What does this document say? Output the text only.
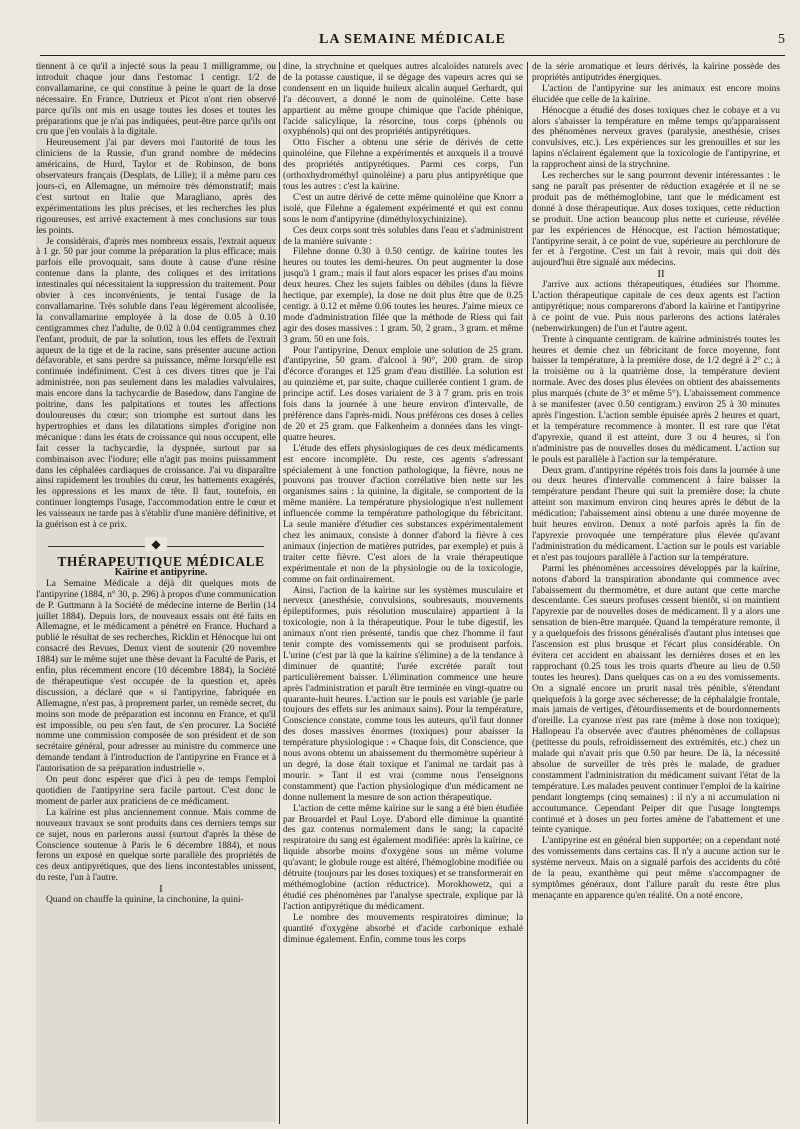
LA SEMAINE MÉDICALE	5

tiennent à ce qu'il a injecté sous la peau 1 milligramme, ou introduit chaque jour dans l'estomac 1 centigr. 1/2 de convallamarine, ce qui constitue à peine le quart de la dose nécessaire. En France, Dutrieux et Picot n'ont rien observé parce qu'ils ont mis en usage toutes les doses et toutes les préparations que je n'ai pas indiquées, peut-être parce qu'ils ont cru que j'en voulais à la digitale.

Heureusement j'ai par devers moi l'autorité de tous les cliniciens de la Russie, d'un grand nombre de médecins américains, de Hurd, Taylor et de Robinson, de bons observateurs français (Desplats, de Lille); il a même paru ces jours-ci, en Allemagne, un mémoire très démonstratif; mais c'est surtout en Italie que Maragliano, après des expérimentations les plus précises, et les recherches les plus rigoureuses, est arrivé exactement à mes conclusions sur tous les points.

Je considérais, d'après mes nombreux essais, l'extrait aqueux à 1 gr. 50 par jour comme la préparation la plus efficace; mais parfois elle provoquait, sans doute à cause d'une résine contenue dans la plante, des coliques et des irritations intestinales qui nécessitaient la suppression du traitement. Pour obvier à ces inconvénients, je tentai l'usage de la convallamarine. Très soluble dans l'eau légèrement alcoolisée, la convallamarine employée à la dose de 0.05 à 0.10 centigrammes chez l'adulte, de 0.02 à 0.04 centigrammes chez l'enfant, produit, de par la solution, tous les effets de l'extrait aqueux de la tige et de la racine, sans présenter aucune action défavorable, et sans perdre sa puissance, même lorsqu'elle est continuée indéfiniment. C'est à ces divers titres que je l'ai administrée, non pas seulement dans les maladies valvulaires, mais encore dans la tachycardie de Basedow, dans l'angine de poitrine, dans les palpitations et toutes les affections douloureuses du cœur; son triomphe est surtout dans les hypertrophies et dans les dilatations simples d'origine non mécanique : dans les états de croissance qui nous occupent, elle fait cesser la tachycardie, la dyspnée, surtout par sa combinaison avec l'iodure; elle n'agit pas moins puissamment dans les céphalées cardiaques de croissance. J'ai vu disparaître ainsi rapidement les troubles du cœur, les battements exagérés, les oppressions et les maux de tête. Il faut, toutefois, en continuer longtemps l'usage, l'accommodation entre le cœur et les vaisseaux ne tarde pas à s'établir d'une manière définitive, et la guérison est à ce prix.

◆

THÉRAPEUTIQUE MÉDICALE

Kaïrine et antipyrine.

La Semaine Médicale a déjà dit quelques mots de l'antipyrine (1884, n° 30, p. 296) à propos d'une communication de P. Guttmann à la Société de médecine interne de Berlin (14 juillet 1884). Depuis lors, de nouveaux essais ont été faits en Allemagne, et le médicament a pénétré en France. Huchard a publié le résultat de ses recherches, Ricklin et Hénocque lui ont consacré des Revues, Denux vient de soutenir (20 novembre 1884) sur le même sujet une thèse devant la Faculté de Paris, et enfin, plus récemment encore (10 décembre 1884), la Société de thérapeutique s'est occupée de la question et, après discussion, a déclaré que « si l'antipyrine, fabriquée en Allemagne, n'est pas, à proprement parler, un remède secret, du moins son mode de préparation est inconnu en France, et qu'il est impossible, ou peu s'en faut, de s'en procurer. La Société nomme une commission composée de son président et de son secrétaire général, pour adresser au ministre du commerce une demande tendant à l'introduction de l'antipyrine en France et à l'autorisation de sa préparation industrielle ».

On peut donc espérer que d'ici à peu de temps l'emploi quotidien de l'antipyrine sera facile partout. C'est donc le moment de parler aux praticiens de ce médicament.

La kaïrine est plus anciennement connue. Mais comme de nouveaux travaux se sont produits dans ces derniers temps sur ce sujet, nous en parlerons aussi (surtout d'après la thèse de Conscience soutenue à Paris le 6 décembre 1884), et nous ferons un exposé en quelque sorte parallèle des propriétés de ces deux antipyrétiques, que des liens incontestables unissent, du reste, l'un à l'autre.

I

Quand on chauffe la quinine, la cinchonine, la quini-

dine, la strychnine et quelques autres alcaloïdes naturels avec de la potasse caustique, il se dégage des vapeurs acres qui se condensent en un liquide huileux alcalin auquel Gerhardt, qui l'a découvert, a donné le nom de quinoléine. Cette base appartient au même groupe chimique que l'acide phénique, l'acide salicylique, la résorcine, tous corps (phénols ou oxyphénols) qui ont des propriétés antipyrétiques.

Otto Fischer a obtenu une série de dérivés de cette quinoléine, que Filehne a expérimentés et auxquels il a trouvé des propriétés antipyrétiques. Parmi ces corps, l'un (orthoxhydrométhyl quinoléine) a paru plus antipyrétique que tous les autres : c'est la kaïrine.

C'est un autre dérivé de cette même quinoléine que Knorr a isolé, que Filehne a également expérimenté et qui est connu sous le nom d'antipyrine (diméthyloxychinizine).

Ces deux corps sont très solubles dans l'eau et s'administrent de la manière suivante :

Filehne donne 0.30 à 0.50 centigr. de kaïrine toutes les heures ou toutes les demi-heures. On peut augmenter la dose jusqu'à 1 gram.; mais il faut alors espacer les prises d'au moins deux heures. Chez les sujets faibles ou débiles (dans la fièvre hectique, par exemple), la dose ne doit plus être que de 0.25 centigr. à 0.12 et même 0.06 toutes les heures. J'aime mieux ce mode d'administration filée que la méthode de Riess qui fait agir des doses massives : 1 gram. 50, 2 gram., 3 gram. et même 3 gram. 50 en une fois.

Pour l'antipyrine, Denux emploie une solution de 25 gram. d'antipyrine, 50 gram. d'alcool à 90°, 200 gram. de sirop d'écorce d'oranges et 125 gram d'eau distillée. La solution est au quinzième et, par suite, chaque cuillerée contient 1 gram. de principe actif. Les doses variaient de 3 à 7 gram. pris en trois fois dans la journée à une heure environ d'intervalle, de préférence dans l'après-midi. Nous préférons ces doses à celles de 20 et 25 gram. que Falkenheim a données dans les vingt-quatre heures.

L'étude des effets physiologiques de ces deux médicaments est encore incomplète. Du reste, ces agents s'adressant spécialement à une fonction pathologique, la fièvre, nous ne pouvons pas trouver d'action corrélative bien nette sur les organismes sains : la quinine, la digitale, se comportent de la même manière. La température physiologique n'est nullement influencée comme la température pathologique du fébricitant. La seule manière d'étudier ces substances expérimentalement chez les animaux, consiste à donner d'abord la fièvre à ces animaux (injection de matières putrides, par exemple) et puis à traiter cette fièvre. C'est alors de la vraie thérapeutique expérimentale et non de la physiologie ou de la toxicologie, comme on fait ordinairement.

Ainsi, l'action de la kaïrine sur les systèmes musculaire et nerveux (anesthésie, convulsions, soubresauts, mouvements épileptiformes, puis résolution musculaire) appartient à la toxicologie, non à la thérapeutique. Pour le tube digestif, les animaux n'ont rien présenté, tandis que chez l'homme il faut tenir compte des vomissements qui se produisent parfois. L'urine (c'est par là que la kaïrine s'élimine) a de la tendance à diminuer de quantité; l'urée excrétée paraît tout particulièrement baisser. L'élimination commence une heure après l'administration et paraît être terminée en vingt-quatre ou quarante-huit heures. L'action sur le pouls est variable (je parle toujours des effets sur les animaux sains). Pour la température, Conscience constate, comme tous les auteurs, qu'il faut donner des doses massives énormes (toxiques) pour abaisser la température physiologique : « Chaque fois, dit Conscience, que nous avons obtenu un abaissement du thermomètre supérieur à un degré, la dose était toxique et l'animal ne tardait pas à mourir. » Tant il est vrai (comme nous l'enseignons constamment) que l'action physiologique d'un médicament ne donne nullement la mesure de son action thérapeutique.

L'action de cette même kaïrine sur le sang a été bien étudiée par Brouardel et Paul Loye. D'abord elle diminue la quantité des gaz contenus normalement dans le sang; la capacité respiratoire du sang est également modifiée: après la kaïrine, ce liquide absorbe moins d'oxygène sous un même volume qu'avant; le globule rouge est altéré, l'hémoglobine modifiée ou détruite (toujours par les doses toxiques) et se transformerait en méthémoglobine (action réductrice). Morokhowetz, qui a étudié ces phénomènes par l'analyse spectrale, explique par là l'action antipyrétique du médicament.

Le nombre des mouvements respiratoires diminue; la quantité d'oxygène absorbé et d'acide carbonique exhalé diminue également. Enfin, comme tous les corps

de la série aromatique et leurs dérivés, la kaïrine possède des propriétés antiputrides énergiques.

L'action de l'antipyrine sur les animaux est encore moins élucidée que celle de la kaïrine.

Hénocque a étudié des doses toxiques chez le cobaye et a vu alors s'abaisser la température en même temps qu'apparaissent des phénomènes nerveux graves (paralysie, anesthésie, crises convulsives, etc.). Les expériences sur les grenouilles et sur les lapins n'éclairent également que la toxicologie de l'antipyrine, et la rapprochent ainsi de la strychnine.

Les recherches sur le sang pourront devenir intéressantes : le sang ne paraît pas présenter de réduction exagérée et il ne se produit pas de méthémoglobine, tant que le médicament est donné à dose thérapeutique. Aux doses toxiques, cette réduction se produit. Une action beaucoup plus nette et curieuse, révélée par les expériences de Hénocque, est l'action hémostatique; l'antipyrine serait, à ce point de vue, supérieure au perchlorure de fer et à l'ergotine. C'est un fait à revoir, mais qui doit dès aujourd'hui être signalé aux médecins.

II

J'arrive aux actions thérapeutiques, étudiées sur l'homme. L'action thérapeutique capitale de ces deux agents est l'action antipyrétique; nous comparerons d'abord la kaïrine et l'antipyrine à ce point de vue. Puis nous parlerons des actions latérales (nebenwirkungen) de l'un et l'autre agent.

Trente à cinquante centigram. de kaïrine administrés toutes les heures et demie chez un fébricitant de force moyenne, font baisser la température, à la première dose, de 1/2 degré à 2° c.; à la troisième ou à la quatrième dose, la température devient normale. Avec des doses plus élevées on obtient des abaissements plus marqués (chute de 3° et même 5°). L'abaissement commence à se manifester (avec 0.50 centigram.) environ 25 à 30 minutes après l'ingestion. L'action semble épuisée après 2 heures et quart, et la température recommence à monter. Il est rare que l'état d'apyrexie, quand il est atteint, dure 3 ou 4 heures, si l'on n'administre pas de nouvelles doses du médicament. L'action sur le pouls est parallèle à l'action sur la température.

Deux gram. d'antipyrine répétés trois fois dans la journée à une ou deux heures d'intervalle commencent à faire baisser la température pendant l'heure qui suit la première dose; la chute atteint son maximum environ cinq heures après le début de la médication; l'abaissement ainsi obtenu a une durée moyenne de huit heures environ. Denux a noté parfois après la fin de l'apyrexie provoquée une température plus élevée qu'avant l'administration du médicament. L'action sur le pouls est variable et n'est pas toujours parallèle à l'action sur la température.

Parmi les phénomènes accessoires développés par la kaïrine, notons d'abord la transpiration abondante qui commence avec l'abaissement du thermomètre, et dure autant que cette marche descendante. Ces sueurs profuses cessent bientôt, si on maintient l'apyrexie par de nouvelles doses de médicament. Il y a alors une sensation de bien-être marquée. Quand la température remonte, il y a quelquefois des frissons généralisés d'autant plus intenses que l'ascension est plus brusque et l'écart plus considérable. On évitera cet accident en abaissant les dernières doses et en les rapprochant (0.25 tous les trois quarts d'heure au lieu de 0.50 toutes les heures). Dans quelques cas on a eu des vomissements. On a signalé encore un prurit nasal très pénible, s'étendant quelquefois à la gorge avec sécheresse; de la céphalalgie frontale, mais jamais de vertiges, d'étourdissements et de bourdonnements d'oreille. La cyanose n'est pas rare (même à dose non toxique); Hallopeau l'a observée avec d'autres phénomènes de collapsus (petitesse du pouls, refroidissement des extrémités, etc.) chez un malade qui n'avait pris que 0.50 par heure. De là, la nécessité absolue de surveiller de très près le malade, de graduer constamment l'administration du médicament suivant l'état de la température. Les malades peuvent continuer l'emploi de la kaïrine pendant longtemps (cinq semaines) : il n'y a ni accumulation ni accoutumance. Cependant Peiper dit que l'usage longtemps continué et à doses un peu fortes amène de l'abattement et une teinte cyanique.

L'antipyrine est en général bien supportée; on a cependant noté des vomissements dans certains cas. Il n'y a aucune action sur le système nerveux. Mais on a signalé parfois des accidents du côté de la peau, exanthème qui peut même s'accompagner de symptômes généraux, dont l'allure paraît du reste être plus menaçante en apparence qu'en réalité. On a noté encore,
